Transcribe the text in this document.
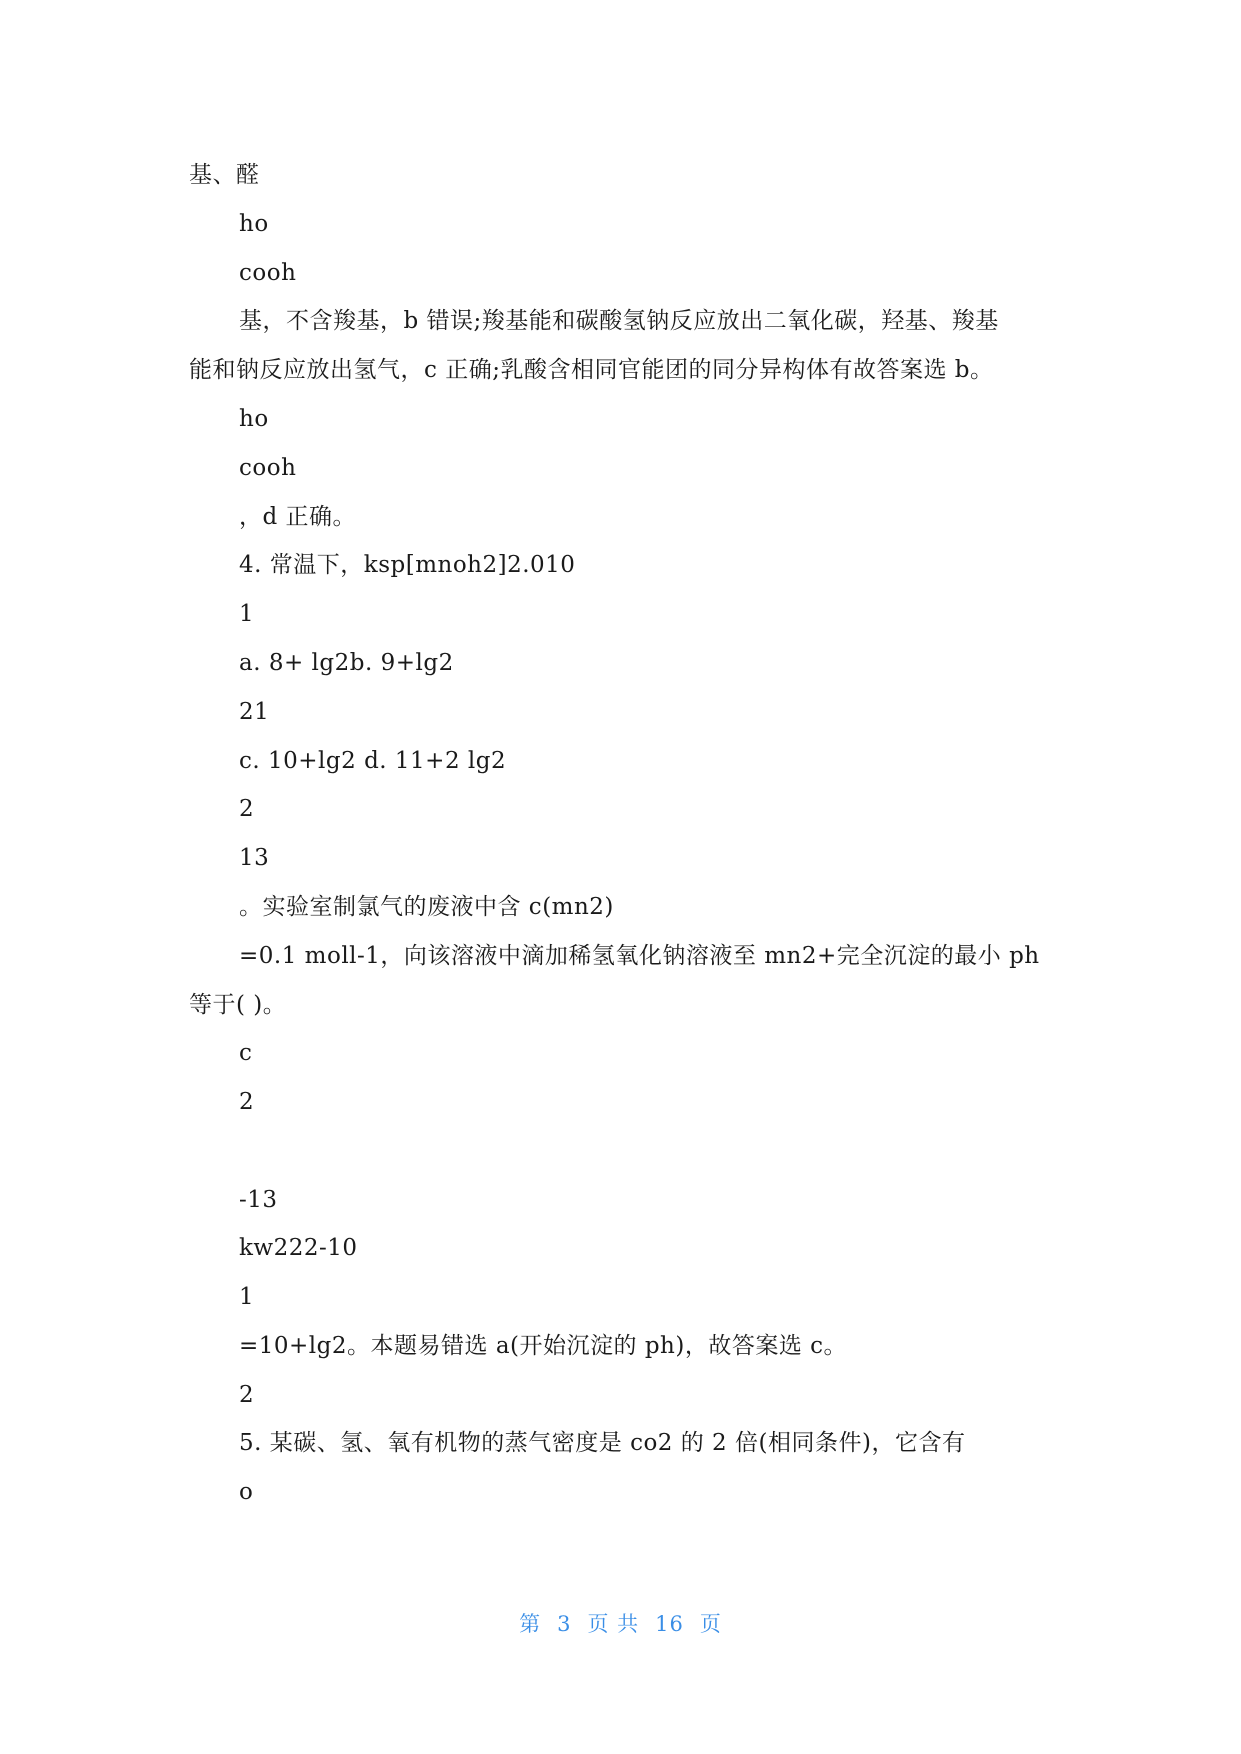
基、醛
ho
cooh
基，不含羧基，b 错误;羧基能和碳酸氢钠反应放出二氧化碳，羟基、羧基
能和钠反应放出氢气，c 正确;乳酸含相同官能团的同分异构体有故答案选 b。
ho
cooh
，d 正确。
4. 常温下，ksp[mnoh2]2.010
1
a. 8+ lg2b. 9+lg2
21
c. 10+lg2 d. 11+2 lg2
2
13
。实验室制氯气的废液中含 c(mn2)
=0.1 moll-1，向该溶液中滴加稀氢氧化钠溶液至 mn2+完全沉淀的最小 ph
等于( )。
c
2
-13
kw222-10
1
=10+lg2。本题易错选 a(开始沉淀的 ph)，故答案选 c。
2
5. 某碳、氢、氧有机物的蒸气密度是 co2 的 2 倍(相同条件)，它含有
o
第 3 页 共 16 页
